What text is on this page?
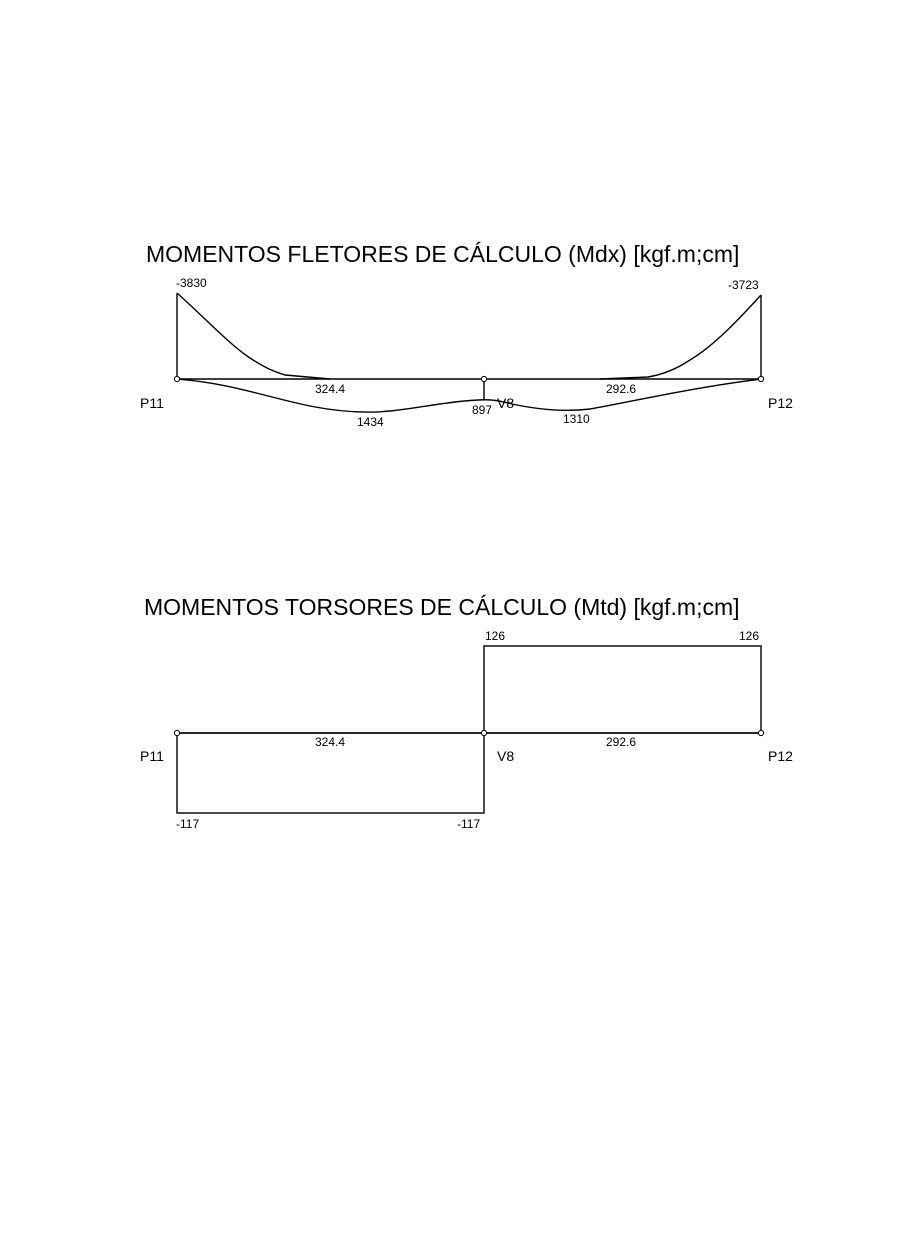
MOMENTOS FLETORES DE CÁLCULO (Mdx) [kgf.m;cm]
P11	V8	P12
324.4	292.6
-3830	-3723
1434
897
1310
MOMENTOS TORSORES DE CÁLCULO (Mtd) [kgf.m;cm]
P11	V8	P12
324.4	292.6
-117	-117
126	126
